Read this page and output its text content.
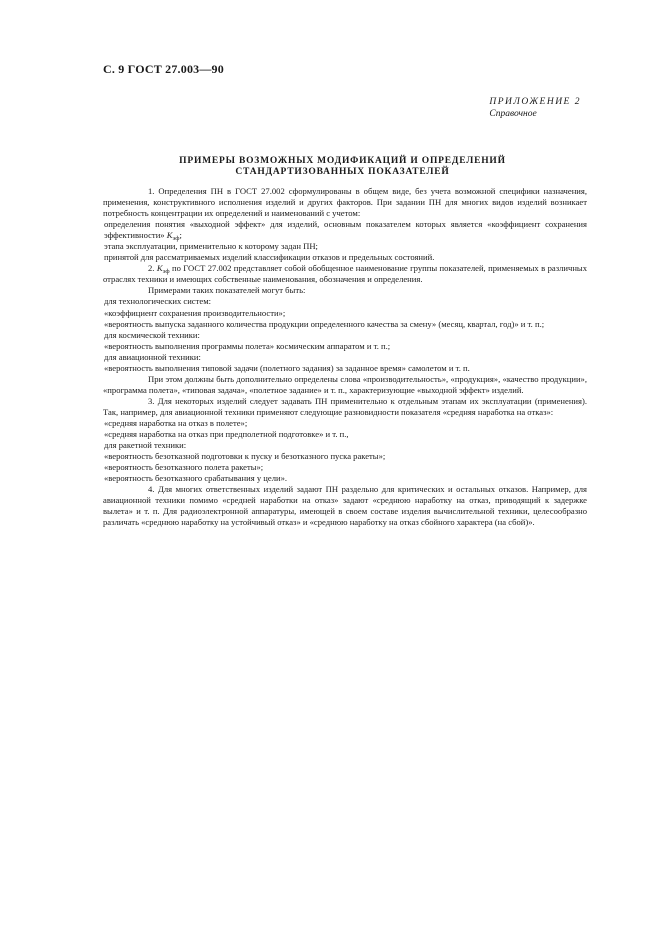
С. 9 ГОСТ 27.003—90
ПРИЛОЖЕНИЕ 2
Справочное
ПРИМЕРЫ ВОЗМОЖНЫХ МОДИФИКАЦИЙ И ОПРЕДЕЛЕНИЙ
СТАНДАРТИЗОВАННЫХ ПОКАЗАТЕЛЕЙ

1. Определения ПН в ГОСТ 27.002 сформулированы в общем виде, без учета возможной специфики назначения, применения, конструктивного исполнения изделий и других факторов. При задании ПН для многих видов изделий возникает потребность концентрации их определений и наименований с учетом:

определения понятия «выходной эффект» для изделий, основным показателем которых является «коэффициент сохранения эффективности» $K_{эф}$;

этапа эксплуатации, применительно к которому задан ПН;

принятой для рассматриваемых изделий классификации отказов и предельных состояний.

2. $K_{эф}$ по ГОСТ 27.002 представляет собой обобщенное наименование группы показателей, применяемых в различных отраслях техники и имеющих собственные наименования, обозначения и определения.

Примерами таких показателей могут быть:

для технологических систем:

«коэффициент сохранения производительности»;

«вероятность выпуска заданного количества продукции определенного качества за смену» (месяц, квартал, год)» и т. п.;

для космической техники:

«вероятность выполнения программы полета» космическим аппаратом и т. п.;

для авиационной техники:

«вероятность выполнения типовой задачи (полетного задания) за заданное время» самолетом и т. п.

При этом должны быть дополнительно определены слова «производительность», «продукция», «качество продукции», «программа полета», «типовая задача», «полетное задание» и т. п., характеризующие «выходной эффект» изделий.

3. Для некоторых изделий следует задавать ПН применительно к отдельным этапам их эксплуатации (применения). Так, например, для авиационной техники применяют следующие разновидности показателя «средняя наработка на отказ»:

«средняя наработка на отказ в полете»;

«средняя наработка на отказ при предполетной подготовке» и т. п.,

для ракетной техники:

«вероятность безотказной подготовки к пуску и безотказного пуска ракеты»;

«вероятность безотказного полета ракеты»;

«вероятность безотказного срабатывания у цели».

4. Для многих ответственных изделий задают ПН раздельно для критических и остальных отказов. Например, для авиационной техники помимо «средней наработки на отказ» задают «среднюю наработку на отказ, приводящий к задержке вылета» и т. п. Для радиоэлектронной аппаратуры, имеющей в своем составе изделия вычислительной техники, целесообразно различать «среднюю наработку на устойчивый отказ» и «среднюю наработку на отказ сбойного характера (на сбой)».
